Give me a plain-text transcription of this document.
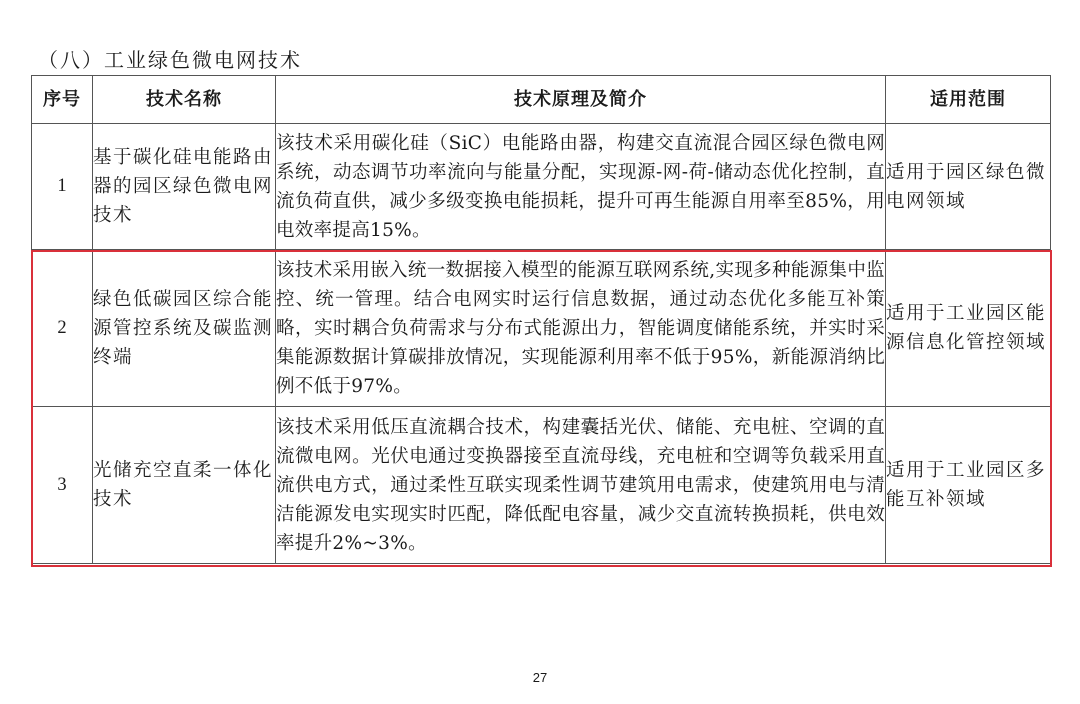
（八）工业绿色微电网技术
序号	技术名称	技术原理及简介	适用范围
1	基于碳化硅电能路由器的园区绿色微电网技术	该技术采用碳化硅（SiC）电能路由器，构建交直流混合园区绿色微电网系统，动态调节功率流向与能量分配，实现源-网-荷-储动态优化控制，直流负荷直供，减少多级变换电能损耗，提升可再生能源自用率至85%，用电效率提高15%。	适用于园区绿色微电网领域
2	绿色低碳园区综合能源管控系统及碳监测终端	该技术采用嵌入统一数据接入模型的能源互联网系统,实现多种能源集中监控、统一管理。结合电网实时运行信息数据，通过动态优化多能互补策略，实时耦合负荷需求与分布式能源出力，智能调度储能系统，并实时采集能源数据计算碳排放情况，实现能源利用率不低于95%，新能源消纳比例不低于97%。	适用于工业园区能源信息化管控领域
3	光储充空直柔一体化技术	该技术采用低压直流耦合技术，构建囊括光伏、储能、充电桩、空调的直流微电网。光伏电通过变换器接至直流母线，充电桩和空调等负载采用直流供电方式，通过柔性互联实现柔性调节建筑用电需求，使建筑用电与清洁能源发电实现实时匹配，降低配电容量，减少交直流转换损耗，供电效率提升2%~3%。	适用于工业园区多能互补领域
27
